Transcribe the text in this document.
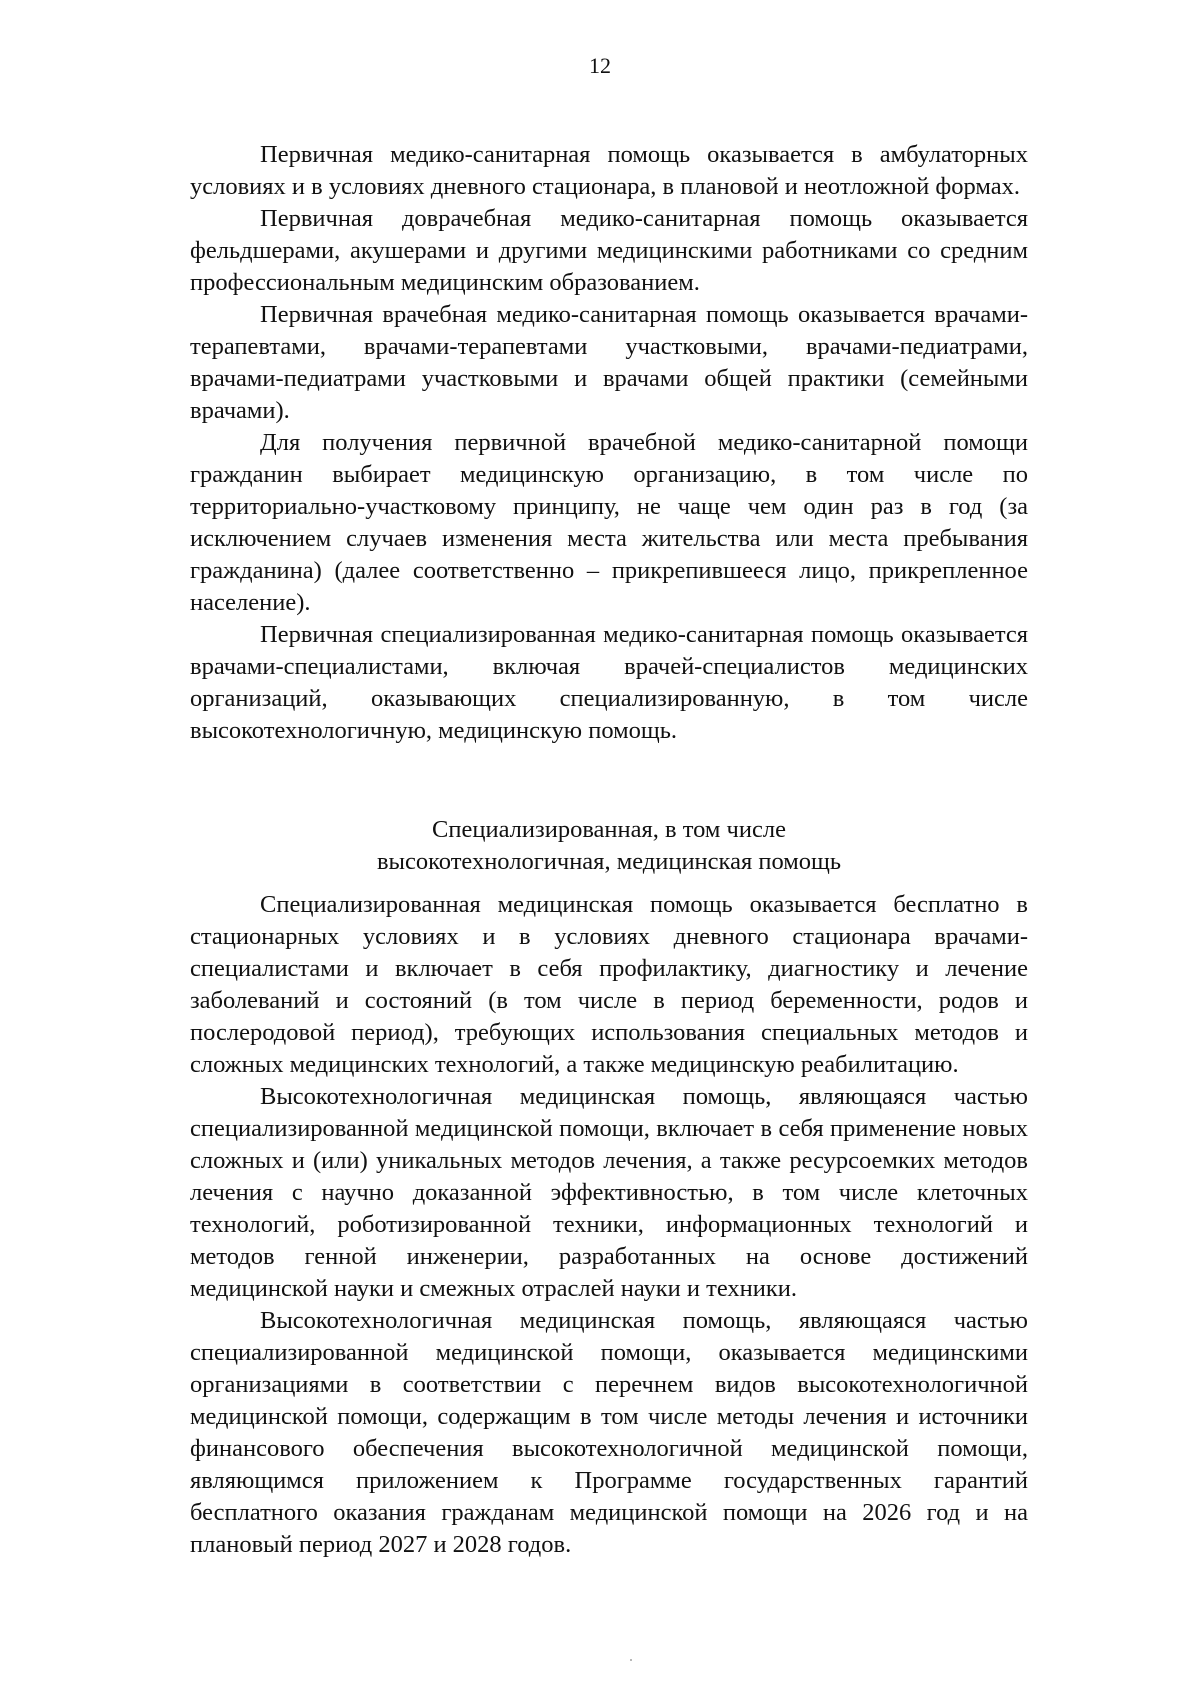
12

Первичная медико-санитарная помощь оказывается в амбулаторных условиях и в условиях дневного стационара, в плановой и неотложной формах.

Первичная доврачебная медико-санитарная помощь оказывается фельдшерами, акушерами и другими медицинскими работниками со средним профессиональным медицинским образованием.

Первичная врачебная медико-санитарная помощь оказывается врачами-терапевтами, врачами-терапевтами участковыми, врачами-педиатрами, врачами-педиатрами участковыми и врачами общей практики (семейными врачами).

Для получения первичной врачебной медико-санитарной помощи гражданин выбирает медицинскую организацию, в том числе по территориально-участковому принципу, не чаще чем один раз в год (за исключением случаев изменения места жительства или места пребывания гражданина) (далее соответственно – прикрепившееся лицо, прикрепленное население).

Первичная специализированная медико-санитарная помощь оказывается врачами-специалистами, включая врачей-специалистов медицинских организаций, оказывающих специализированную, в том числе высокотехнологичную, медицинскую помощь.

Специализированная, в том числе
высокотехнологичная, медицинская помощь

Специализированная медицинская помощь оказывается бесплатно в стационарных условиях и в условиях дневного стационара врачами-специалистами и включает в себя профилактику, диагностику и лечение заболеваний и состояний (в том числе в период беременности, родов и послеродовой период), требующих использования специальных методов и сложных медицинских технологий, а также медицинскую реабилитацию.

Высокотехнологичная медицинская помощь, являющаяся частью специализированной медицинской помощи, включает в себя применение новых сложных и (или) уникальных методов лечения, а также ресурсоемких методов лечения с научно доказанной эффективностью, в том числе клеточных технологий, роботизированной техники, информационных технологий и методов генной инженерии, разработанных на основе достижений медицинской науки и смежных отраслей науки и техники.

Высокотехнологичная медицинская помощь, являющаяся частью специализированной медицинской помощи, оказывается медицинскими организациями в соответствии с перечнем видов высокотехнологичной медицинской помощи, содержащим в том числе методы лечения и источники финансового обеспечения высокотехнологичной медицинской помощи, являющимся приложением к Программе государственных гарантий бесплатного оказания гражданам медицинской помощи на 2026 год и на плановый период 2027 и 2028 годов.
